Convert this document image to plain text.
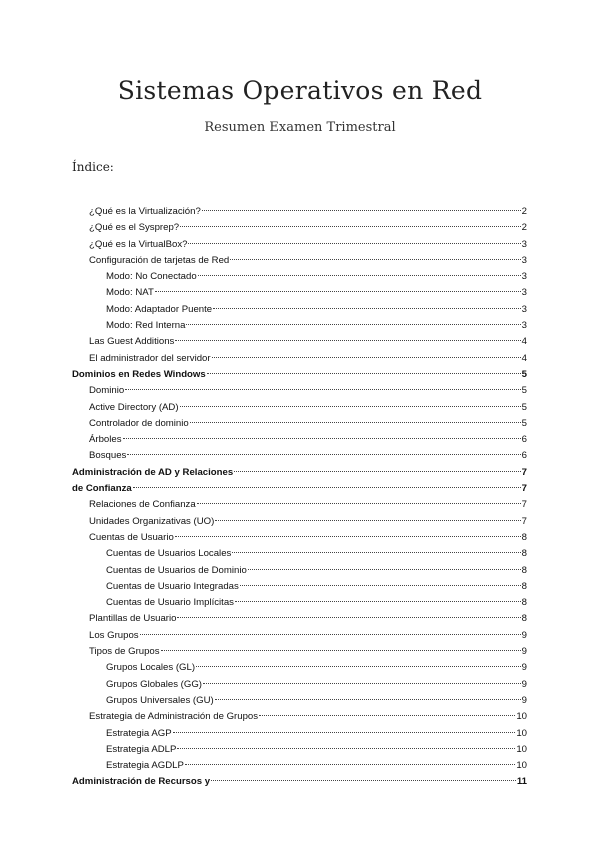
Sistemas Operativos en Red
Resumen Examen Trimestral
Índice:
¿Qué es la Virtualización?	2
¿Qué es el Sysprep?	2
¿Qué es la VirtualBox?	3
Configuración de tarjetas de Red	3
Modo: No Conectado	3
Modo: NAT	3
Modo: Adaptador Puente	3
Modo: Red Interna	3
Las Guest Additions	4
El administrador del servidor	4
Dominios en Redes Windows	5
Dominio	5
Active Directory (AD)	5
Controlador de dominio	5
Árboles	6
Bosques	6
Administración de AD y Relaciones	7
de Confianza	7
Relaciones de Confianza	7
Unidades Organizativas (UO)	7
Cuentas de Usuario	8
Cuentas de Usuarios Locales	8
Cuentas de Usuarios de Dominio	8
Cuentas de Usuario Integradas	8
Cuentas de Usuario Implícitas	8
Plantillas de Usuario	8
Los Grupos	9
Tipos de Grupos	9
Grupos Locales (GL)	9
Grupos Globales (GG)	9
Grupos Universales (GU)	9
Estrategia de Administración de Grupos	10
Estrategia AGP	10
Estrategia ADLP	10
Estrategia AGDLP	10
Administración de Recursos y	11
